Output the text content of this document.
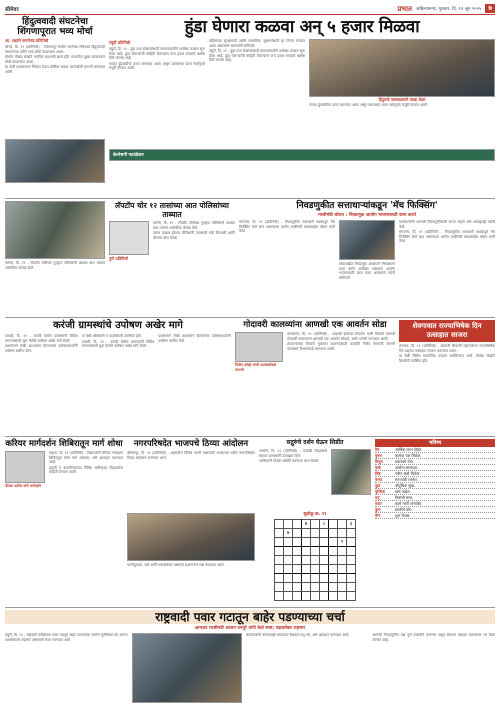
सीमेवर	प्रभात अहिल्यानगर, गुरुवार, दि. १२ जून २०२५	७
हिंदुत्ववादी संघटनेचा शिंगणापूरात भव्य मोर्चा
आ. शहाणे जनतेच्या प्रतिनिधी

सोनई, दि. ११ (प्रतिनिधी) - शिंगणापूर येथील घटनेच्या निषेधार्थ हिंदुत्ववादी संघटनांच्या वतीने भव्य मोर्चा काढण्यात आला.

मोर्चात मोठ्या संख्येने नागरिक सहभागी झाले होते. गावातील मुख्य रस्त्यावरून मोर्चा काढण्यात आला.

या वेळी प्रशासनाला निवेदन देऊन दोषींवर कडक कारवाईची मागणी करण्यात आली.

हुंडा घेणारा कळवा अन् ५ हजार मिळवा
राहुरी प्रतिनिधी

राहुरी, दि. ११ - हुंडा प्रथा रोखण्यासाठी ग्रामपंचायतीने अनोखा उपक्रम सुरू केला आहे. हुंडा घेणाऱ्यांची माहिती देणाऱ्यास पाच हजार रुपयांचे बक्षीस दिले जाणार आहे.

गावात हुंडाबंदीचा ठराव करण्यात आला असून ग्रामसभेत याला सर्वानुमते मंजुरी देण्यात आली.

महिलांच्या सुरक्षेसाठी आणि सामाजिक सुधारणेसाठी हा निर्णय घेण्यात आला असल्याचे सरपंचांनी सांगितले.

राहुरी, दि. ११ - हुंडा प्रथा रोखण्यासाठी ग्रामपंचायतीने अनोखा उपक्रम सुरू केला आहे. हुंडा घेणाऱ्यांची माहिती देणाऱ्यास पाच हजार रुपयांचे बक्षीस दिले जाणार आहे.

हिंदुराजे पावसाळ्याने उघडा केला

गावात हुंडाबंदीचा ठराव करण्यात आला असून ग्रामसभेत याला सर्वानुमते मंजुरी देण्यात आली.

वेल्नेसगी फाउंडेशन

पारनेर, दि. ११ - लॅपटॉप चोरीच्या गुन्ह्यात पोलिसांनी अवघ्या बारा तासांत आरोपीला जेरबंद केले.

लॅपटॉप चोर १२ तासांच्या आत पोलिसांच्या ताब्यात
पुणे प्रतिनिधी

पारनेर, दि. ११ - लॅपटॉप चोरीच्या गुन्ह्यात पोलिसांनी अवघ्या बारा तासांत आरोपीला जेरबंद केले.

तक्रार दाखल होताच पोलिसांनी तपासाची चक्रे फिरवली आणि चोराचा शोध घेतला.

निवडणुकीत सत्ताधाऱ्यांकडून 'मॅच फिक्सिंग'
माजीमंत्री थोरात : निवडणूक आयोग भाजपासाठी काम करते

संगमनेर, दि. ११ (प्रतिनिधी) - निवडणुकीत सत्ताधारी पक्षांकडून मॅच फिक्सिंग केले जात असल्याचा आरोप माजीमंत्री बाळासाहेब थोरात यांनी केला.

लोकशाहीत निवडणूक आयोगाने निष्पक्षपणे काम करणे अपेक्षित असताना आयोग भाजपासाठी काम करत असल्याचे त्यांनी सांगितले.

कार्यकर्त्यांनी आगामी निवडणुकीसाठी सज्ज राहावे असे आवाहनही त्यांनी केले.

संगमनेर, दि. ११ (प्रतिनिधी) - निवडणुकीत सत्ताधारी पक्षांकडून मॅच फिक्सिंग केले जात असल्याचा आरोप माजीमंत्री बाळासाहेब थोरात यांनी केला.

करंजी ग्रामस्थांचे उपोषण अखेर मागे

पाथर्डी, दि. ११ - करंजी येथील ग्रामस्थांनी विविध मागण्यांसाठी सुरू केलेले उपोषण अखेर मागे घेतले.

प्रशासनाने लेखी आश्वासन दिल्यानंतर उपोषणकर्त्यांनी उपोषण स्थगित केले.

या वेळी अधिकारी व पदाधिकारी उपस्थित होते.

पाथर्डी, दि. ११ - करंजी येथील ग्रामस्थांनी विविध मागण्यांसाठी सुरू केलेले उपोषण अखेर मागे घेतले.

प्रशासनाने लेखी आश्वासन दिल्यानंतर उपोषणकर्त्यांनी उपोषण स्थगित केले.

गोदावरी कालव्यांना आणखी एक आवर्तन सोडा
नितीन कोल्हे यांची पाटबंधारेकडे मागणी

कोपरगाव, दि. ११ (प्रतिनिधी) - उन्हाळी हंगामात पिकांना पाणी मिळावे यासाठी गोदावरी कालव्यांना आणखी एक आवर्तन सोडावे, अशी मागणी करण्यात आली.

शेतकऱ्यांच्या पिकांचे नुकसान टाळण्यासाठी तातडीने निर्णय घेण्याची मागणी पाटबंधारे विभागाकडे करण्यात आली.

शेवगावात राज्याभिषेक दिन उत्साहात साजरा

शेवगाव, दि. ११ (प्रतिनिधी) - छत्रपती शिवाजी महाराजांचा राज्याभिषेक दिन शहरात उत्साहात साजरा करण्यात आला.

या वेळी विविध सामाजिक उपक्रम राबविण्यात आले. मोठ्या संख्येने शिवप्रेमी उपस्थित होते.

करियर मार्गदर्शन शिबिरातून मार्ग शोधा
दीपक पाटील यांचे मार्गदर्शन

राहाता, दि. ११ (प्रतिनिधी) - विद्यार्थ्यांनी करियर मार्गदर्शन शिबिरातून योग्य मार्ग शोधावा, असे आवाहन करण्यात आले.

दहावी व बारावीनंतरच्या विविध संधींबाबत विद्यार्थ्यांना माहिती देण्यात आली.

नगरपरिषदेत भाजपचे ठिय्या आंदोलन

श्रीरामपूर, दि. ११ (प्रतिनिधी) - शहरातील विविध नागरी प्रश्नांसाठी भाजपच्या वतीने नगरपरिषदेत ठिय्या आंदोलन करण्यात आले.

पाणीपुरवठा, रस्ते आणि स्वच्छतेच्या प्रश्नांकडे प्रशासनाचे लक्ष वेधण्यात आले.

सद्गुरुंचे दर्शन घेऊन शिर्डीत

अकोले, दि. ११ (प्रतिनिधी) - पालखी सोहळ्याचे स्वागत ग्रामस्थांनी उत्साहात केले.

भाविकांनी मोठ्या संख्येने दर्शनाचा लाभ घेतला.

सुडोकू क्र. ११
			७		८			३
	७							
							१	

भविष्य
मेष	आर्थिक लाभ होईल.
वृषभ	कामात यश मिळेल.
मिथुन	प्रवासाचे योग.
कर्क	आरोग्य सांभाळा.
सिंह	नवीन संधी मिळेल.
कन्या	मनःशांती लाभेल.
तूळ	कौटुंबिक सुख.
वृश्चिक	खर्च वाढेल.
धनु	मित्रांची साथ.
मकर	कामे मार्गी लागतील.
कुंभ	प्रगतीचे योग.
मीन	शुभ दिवस.
राष्ट्रवादी पवार गटातून बाहेर पडण्याच्या चर्चा
आमदार माजीमंत्री आजन तनपुरे यांनी केले स्पष्ट; पक्षासोबत राहणार

राहुरी, दि. ११ - राष्ट्रवादी काँग्रेसच्या पवार गटातून बाहेर पडण्याच्या चर्चांना पूर्णविराम देत आपण पक्षासोबतच राहणार असल्याचे स्पष्ट करण्यात आले.

कार्यकर्त्यांनी कोणत्याही अफवांवर विश्वास ठेवू नये, असे आवाहन करण्यात आले.	आगामी निवडणुकीत पक्ष पूर्ण ताकदीने उतरणार असून संघटना बळकट करण्यावर भर दिला जाणार आहे.
